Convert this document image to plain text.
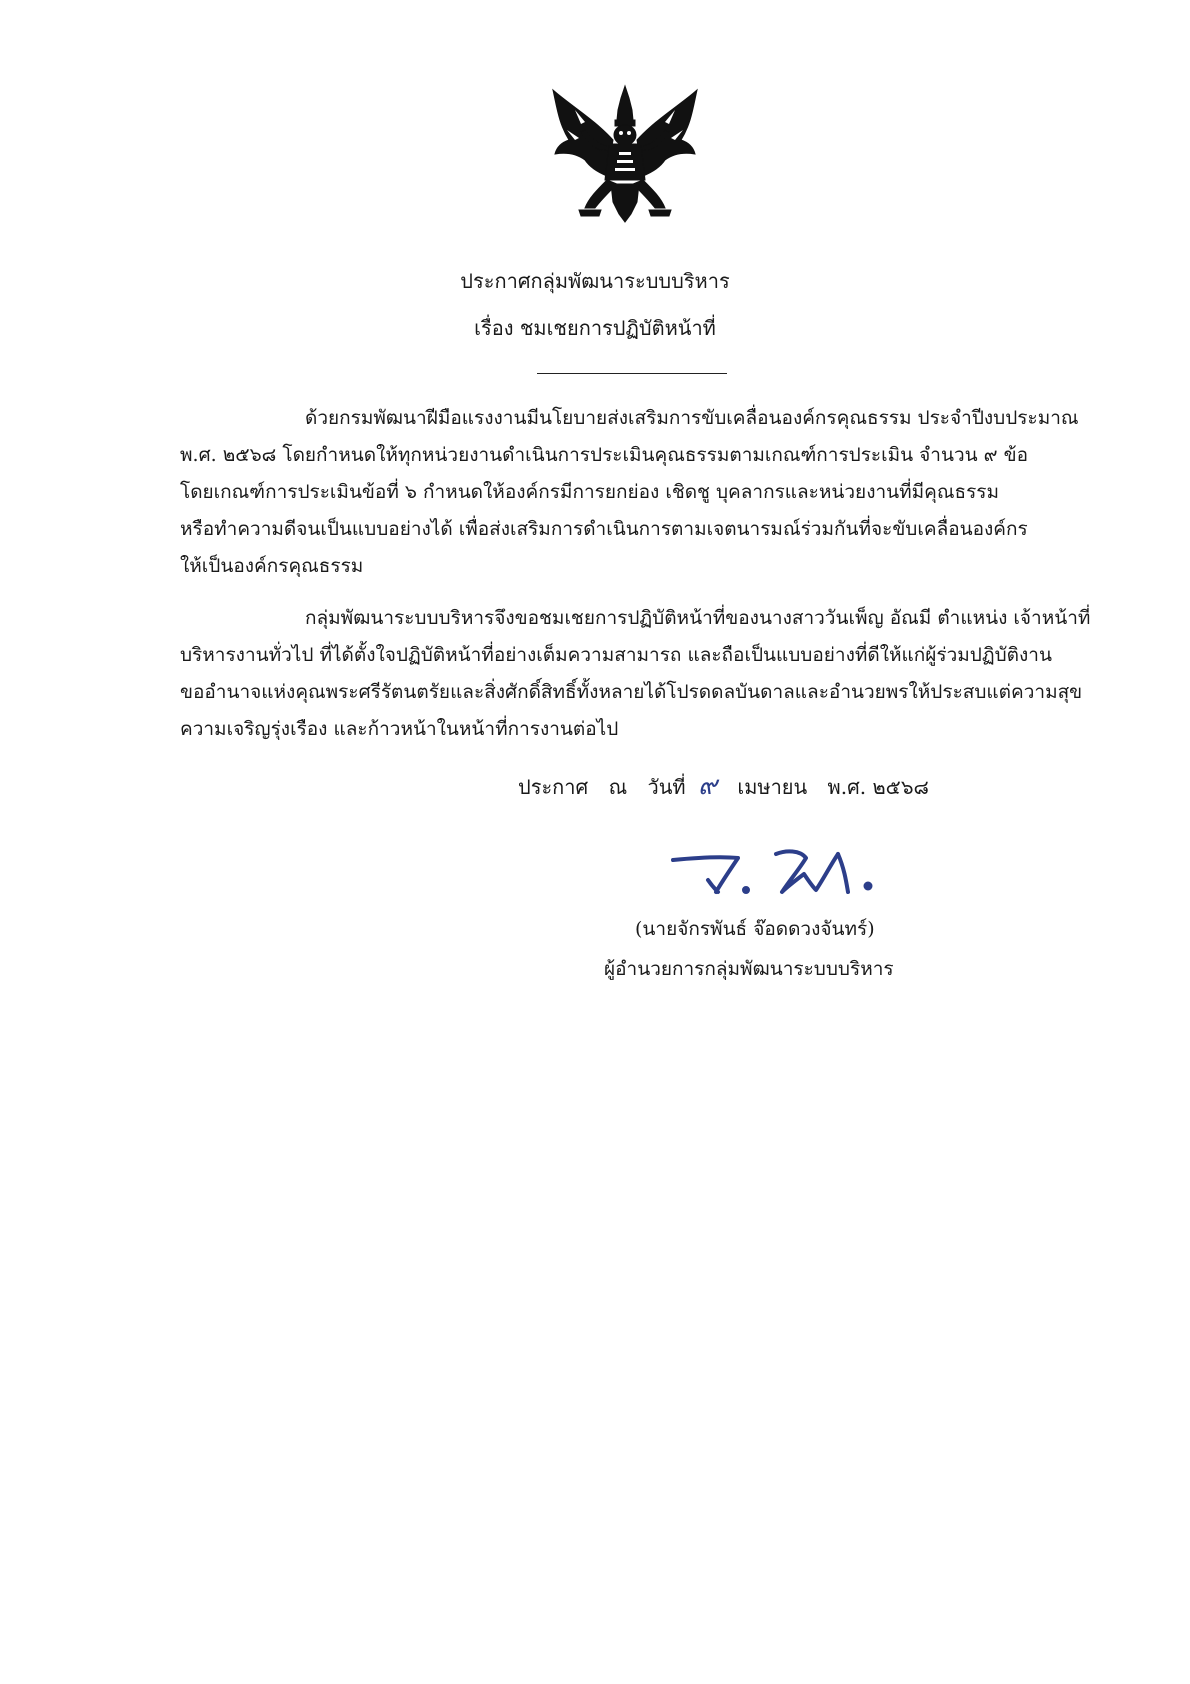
ประกาศกลุ่มพัฒนาระบบบริหาร
เรื่อง ชมเชยการปฏิบัติหน้าที่
ด้วยกรมพัฒนาฝีมือแรงงานมีนโยบายส่งเสริมการขับเคลื่อนองค์กรคุณธรรม ประจำปีงบประมาณ
พ.ศ. ๒๕๖๘ โดยกำหนดให้ทุกหน่วยงานดำเนินการประเมินคุณธรรมตามเกณฑ์การประเมิน จำนวน ๙ ข้อ
โดยเกณฑ์การประเมินข้อที่ ๖ กำหนดให้องค์กรมีการยกย่อง เชิดชู บุคลากรและหน่วยงานที่มีคุณธรรม
หรือทำความดีจนเป็นแบบอย่างได้ เพื่อส่งเสริมการดำเนินการตามเจตนารมณ์ร่วมกันที่จะขับเคลื่อนองค์กร
ให้เป็นองค์กรคุณธรรม
กลุ่มพัฒนาระบบบริหารจึงขอชมเชยการปฏิบัติหน้าที่ของนางสาววันเพ็ญ อัณมี ตำแหน่ง เจ้าหน้าที่
บริหารงานทั่วไป ที่ได้ตั้งใจปฏิบัติหน้าที่อย่างเต็มความสามารถ และถือเป็นแบบอย่างที่ดีให้แก่ผู้ร่วมปฏิบัติงาน
ขออำนาจแห่งคุณพระศรีรัตนตรัยและสิ่งศักดิ์สิทธิ์ทั้งหลายได้โปรดดลบันดาลและอำนวยพรให้ประสบแต่ความสุข
ความเจริญรุ่งเรือง และก้าวหน้าในหน้าที่การงานต่อไป
ประกาศ ณ วันที่ ๙ เมษายน พ.ศ. ๒๕๖๘
(นายจักรพันธ์ จ๊อดดวงจันทร์)
ผู้อำนวยการกลุ่มพัฒนาระบบบริหาร
